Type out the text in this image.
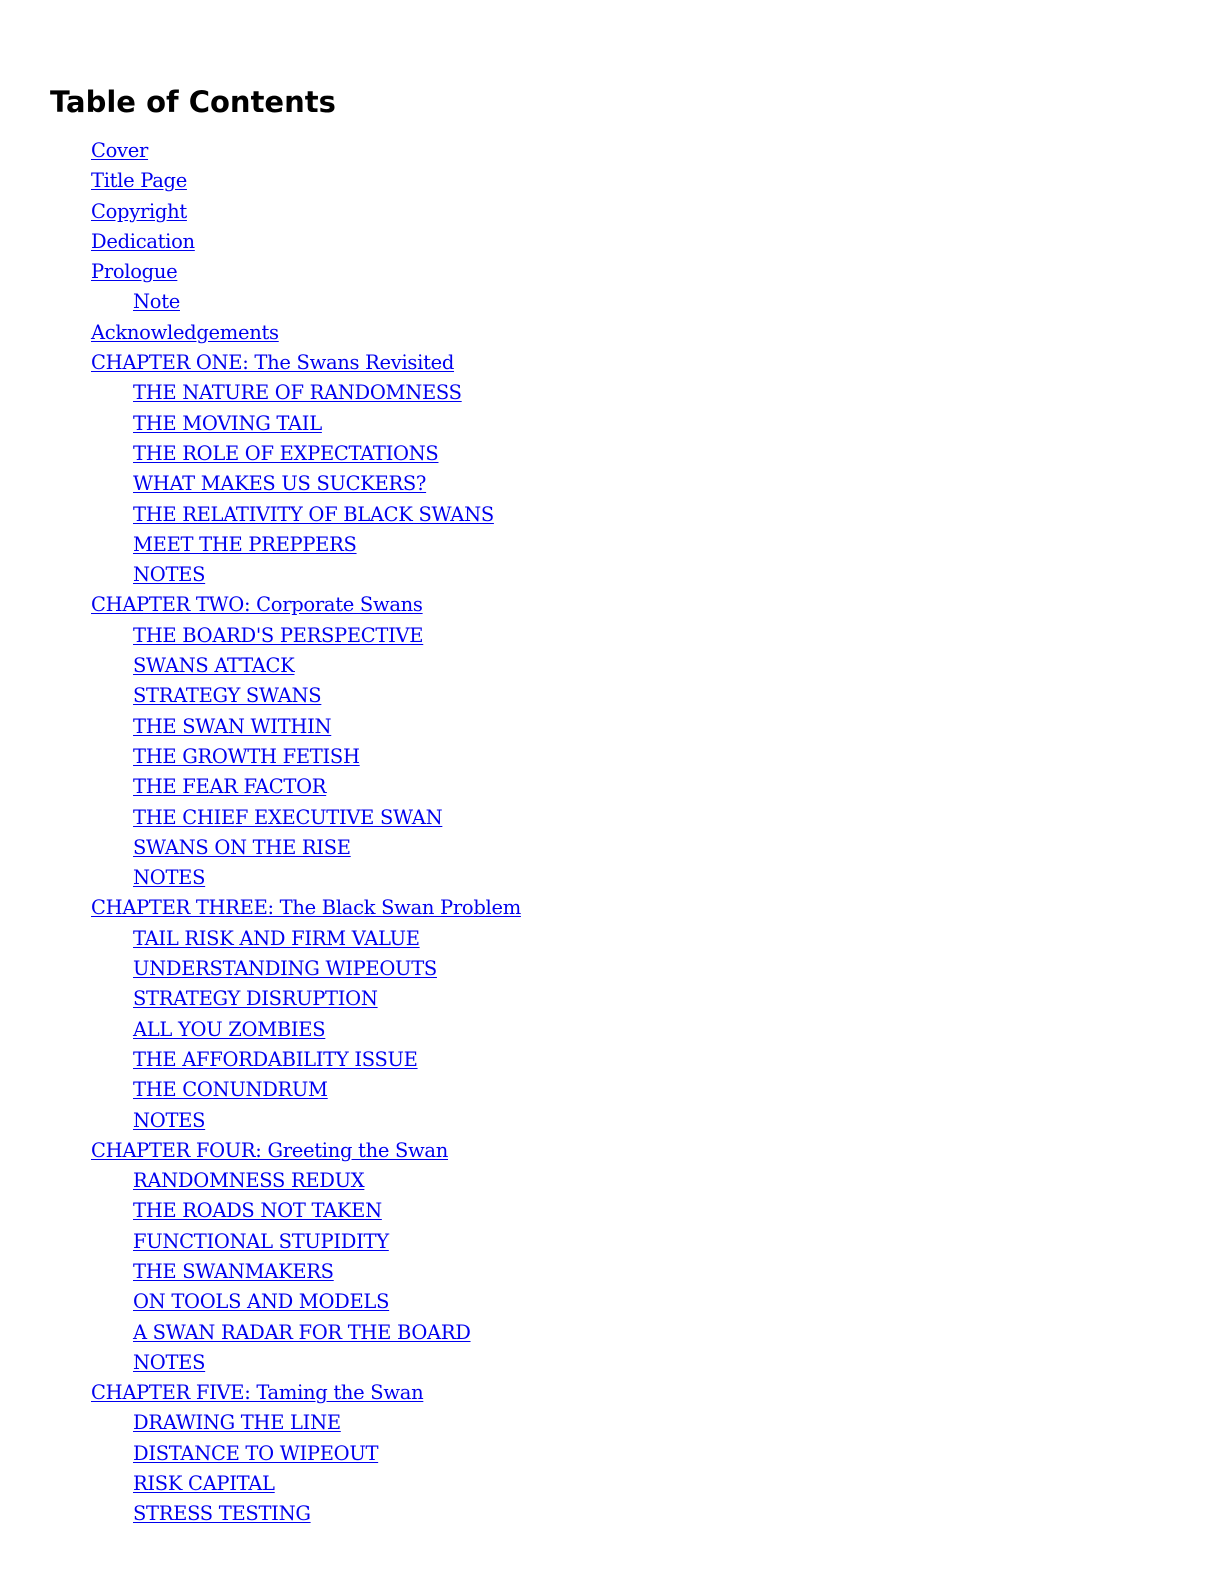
Table of Contents
Cover
Title Page
Copyright
Dedication
Prologue
Note
Acknowledgements
CHAPTER ONE: The Swans Revisited
THE NATURE OF RANDOMNESS
THE MOVING TAIL
THE ROLE OF EXPECTATIONS
WHAT MAKES US SUCKERS?
THE RELATIVITY OF BLACK SWANS
MEET THE PREPPERS
NOTES
CHAPTER TWO: Corporate Swans
THE BOARD'S PERSPECTIVE
SWANS ATTACK
STRATEGY SWANS
THE SWAN WITHIN
THE GROWTH FETISH
THE FEAR FACTOR
THE CHIEF EXECUTIVE SWAN
SWANS ON THE RISE
NOTES
CHAPTER THREE: The Black Swan Problem
TAIL RISK AND FIRM VALUE
UNDERSTANDING WIPEOUTS
STRATEGY DISRUPTION
ALL YOU ZOMBIES
THE AFFORDABILITY ISSUE
THE CONUNDRUM
NOTES
CHAPTER FOUR: Greeting the Swan
RANDOMNESS REDUX
THE ROADS NOT TAKEN
FUNCTIONAL STUPIDITY
THE SWANMAKERS
ON TOOLS AND MODELS
A SWAN RADAR FOR THE BOARD
NOTES
CHAPTER FIVE: Taming the Swan
DRAWING THE LINE
DISTANCE TO WIPEOUT
RISK CAPITAL
STRESS TESTING
